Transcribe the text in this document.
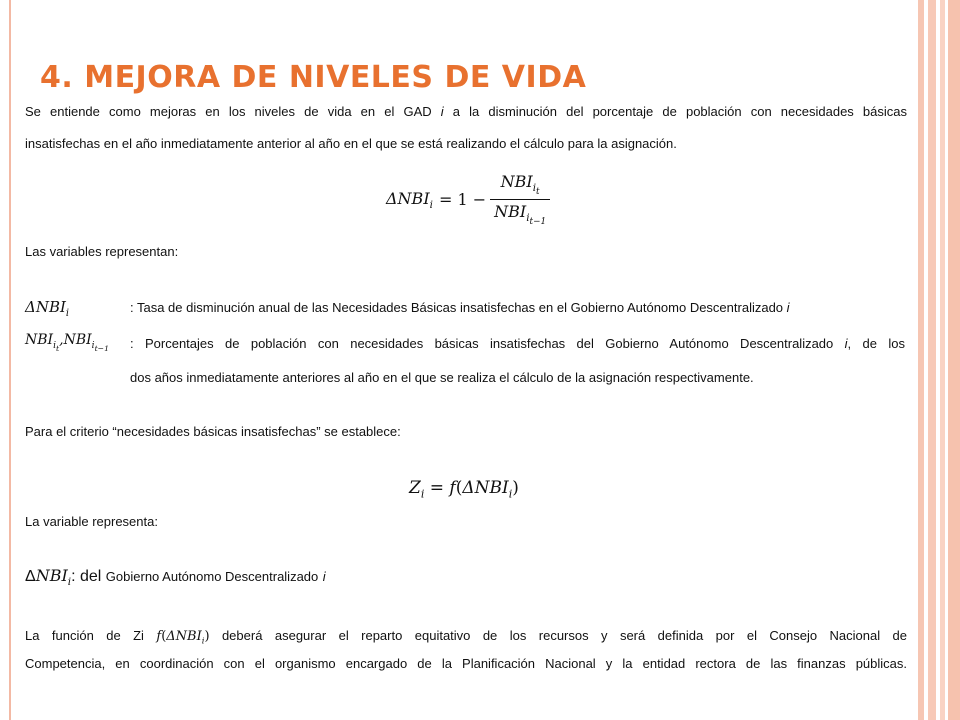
4. MEJORA DE NIVELES DE VIDA
Se entiende como mejoras en los niveles de vida en el GAD i a la disminución del porcentaje de población con necesidades básicas
insatisfechas en el año inmediatamente anterior al año en el que se está realizando el cálculo para la asignación.
$\Delta NBI_i = 1 - \frac{NBI_{i_t}}{NBI_{i_{t-1}}}$
Las variables representan:
$\Delta NBI_i$	: Tasa de disminución anual de las Necesidades Básicas insatisfechas en el Gobierno Autónomo Descentralizado i
$NBI_{i_t},NBI_{i_{t-1}}$ : Porcentajes de población con necesidades básicas insatisfechas del Gobierno Autónomo Descentralizado i, de los
dos años inmediatamente anteriores al año en el que se realiza el cálculo de la asignación respectivamente.
Para el criterio “necesidades básicas insatisfechas” se establece:
$Z_i = f(\Delta NBI_i)$
La variable representa:
$\Delta NBI_i$: del Gobierno Autónomo Descentralizado i
La función de Zi $f(\Delta NBI_i)$ deberá asegurar el reparto equitativo de los recursos y será definida por el Consejo Nacional de
Competencia, en coordinación con el organismo encargado de la Planificación Nacional y la entidad rectora de las finanzas públicas.
